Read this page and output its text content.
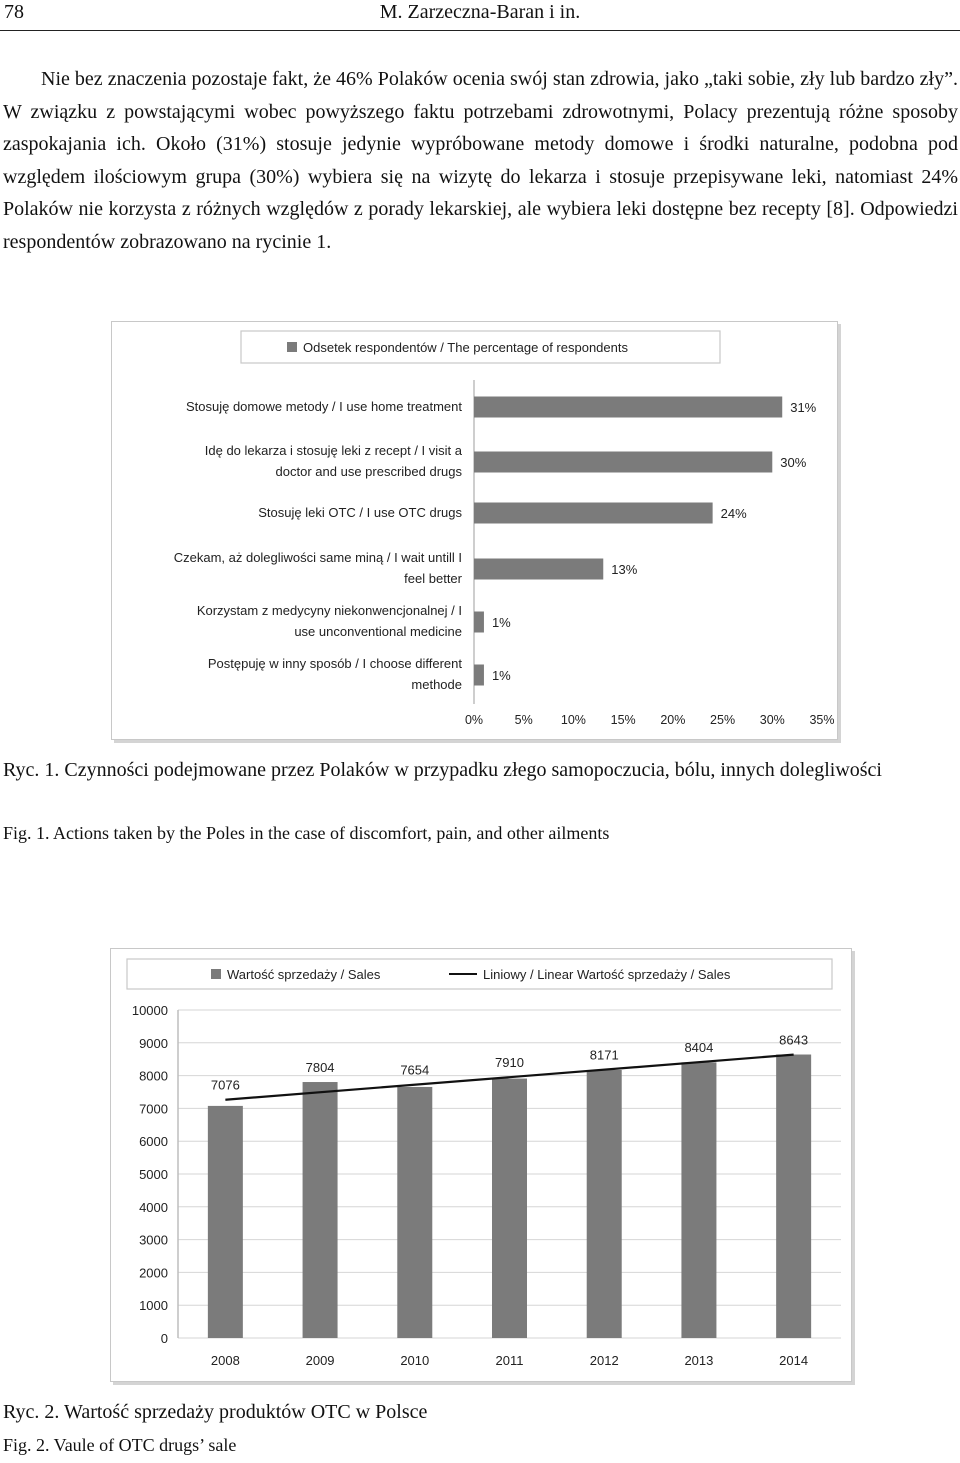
78	M. Zarzeczna-Baran i in.

Nie bez znaczenia pozostaje fakt, że 46% Polaków ocenia swój stan zdrowia, jako „taki sobie, zły lub bardzo zły”. W związku z powstającymi wobec powyższego faktu potrzebami zdrowotnymi, Polacy prezentują różne sposoby zaspokajania ich. Około (31%) stosuje jedynie wypróbowane metody domowe i środki naturalne, podobna pod względem ilościowym grupa (30%) wybiera się na wizytę do lekarza i stosuje przepisywane leki, natomiast 24% Polaków nie korzysta z różnych względów z porady lekarskiej, ale wybiera leki dostępne bez recepty [8]. Odpowiedzi respondentów zobrazowano na rycinie 1.

Odsetek respondentów / The percentage of respondents
0%	5% 10% 15% 20% 25% 30% 35%
31%
Stosuję domowe metody / I use home treatment
30%
Idę do lekarza i stosuję leki z recept / I visit a
doctor and use prescribed drugs
24%
Stosuję leki OTC / I use OTC drugs
13%
Czekam, aż dolegliwości same miną / I wait untill I
feel better
1%
Korzystam z medycyny niekonwencjonalnej / I
use unconventional medicine
1%
Postępuję w inny sposób / I choose different
methode

Ryc. 1. Czynności podejmowane przez Polaków w przypadku złego samopoczucia, bólu, innych dolegliwości

Fig. 1. Actions taken by the Poles in the case of discomfort, pain, and other ailments

Wartość sprzedaży / Sales	Liniowy / Linear Wartość sprzedaży / Sales
0
1000
2000
3000
4000
5000
6000
7000
8000
9000
10000
2008	2009	2010	2011	2012	2013	2014
7076
7804	7654
7910
8171
8404
8643

Ryc. 2. Wartość sprzedaży produktów OTC w Polsce

Fig. 2. Vaule of OTC drugs’ sale
